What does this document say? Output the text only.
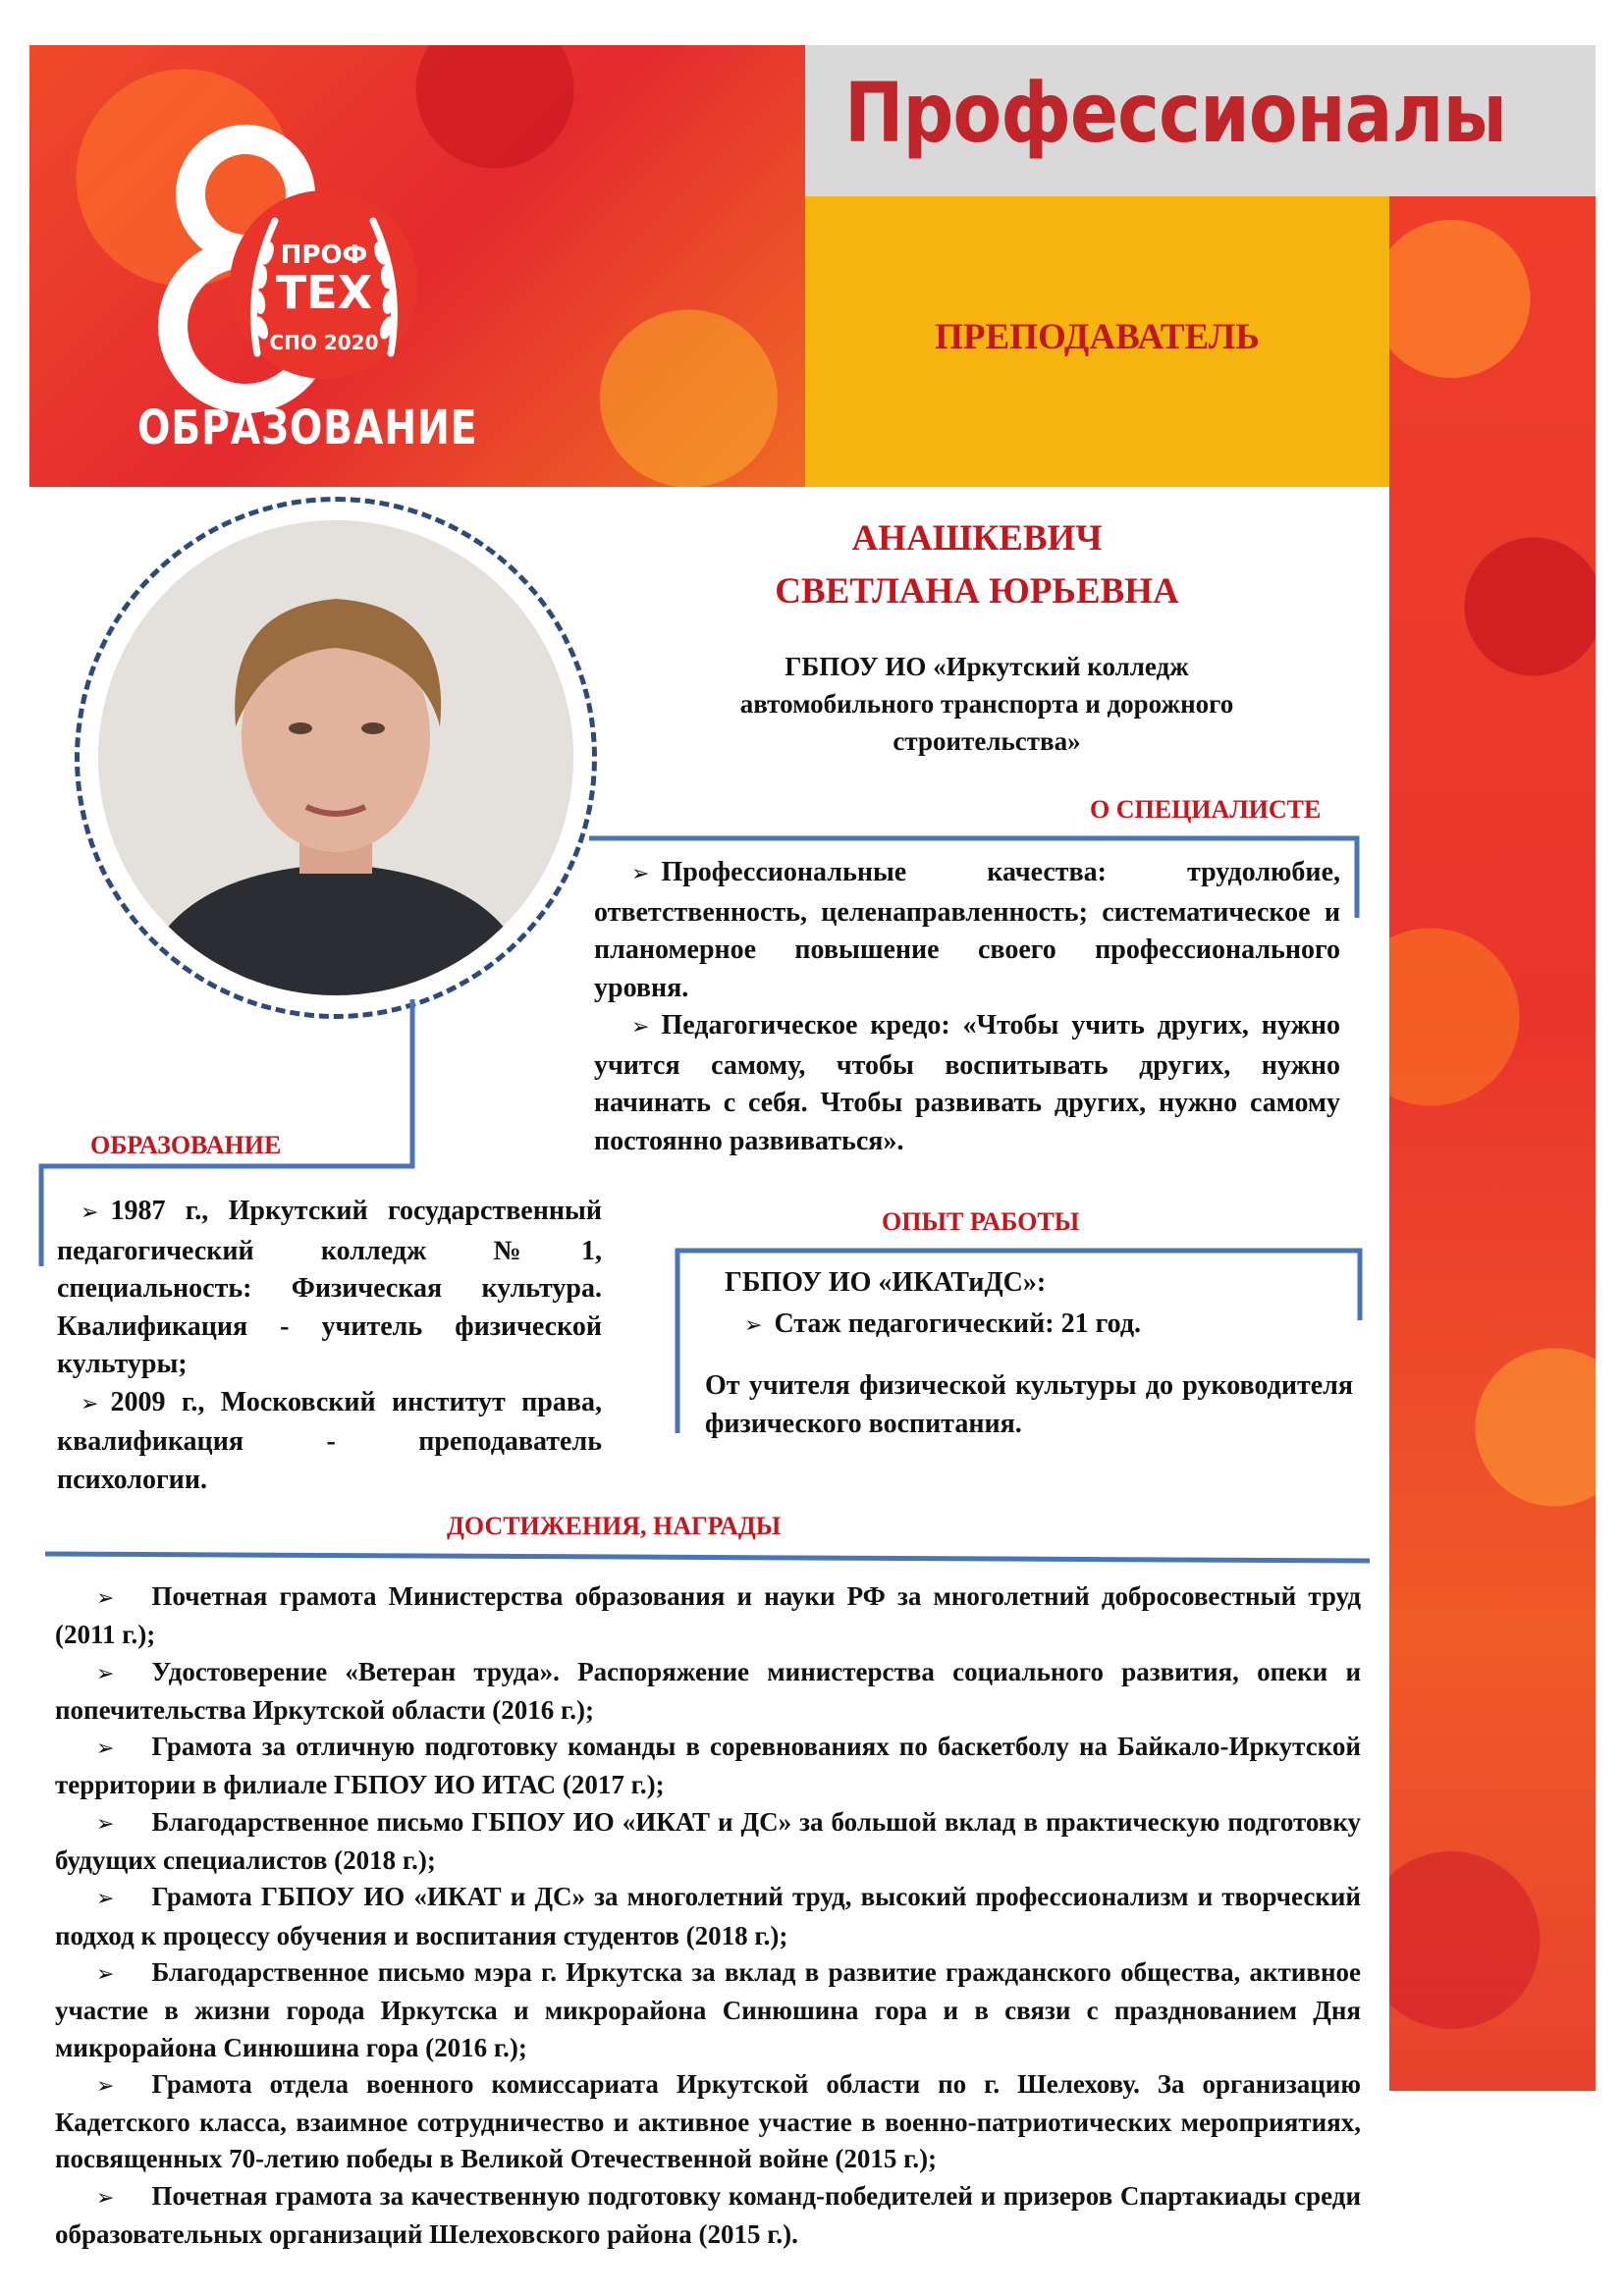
Профессионалы
ПРЕПОДАВАТЕЛЬ
ПРОФ
ТЕХ
СПО 2020
ОБРАЗОВАНИЕ
АНАШКЕВИЧ
СВЕТЛАНА ЮРЬЕВНА
ГБПОУ ИО «Иркутский колледж
автомобильного транспорта и дорожного
строительства»
О СПЕЦИАЛИСТЕ

➢ Профессиональные качества: трудолюбие, ответственность, целенаправленность; систематическое и планомерное повышение своего профессионального уровня.

➢ Педагогическое кредо: «Чтобы учить других, нужно учится самому, чтобы воспитывать других, нужно начинать с себя. Чтобы развивать других, нужно самому постоянно развиваться».

ОБРАЗОВАНИЕ

➢ 1987 г., Иркутский государственный педагогический колледж №1, специальность: Физическая культура. Квалификация - учитель физической культуры;

➢ 2009 г., Московский институт права, квалификация - преподаватель психологии.

ОПЫТ РАБОТЫ
ГБПОУ ИО «ИКАТиДС»:
➢ Стаж педагогический: 21 год.
От учителя физической культуры до руководителя физического воспитания.
ДОСТИЖЕНИЯ, НАГРАДЫ

➢ Почетная грамота Министерства образования и науки РФ за многолетний добросовестный труд (2011 г.);

➢ Удостоверение «Ветеран труда». Распоряжение министерства социального развития, опеки и попечительства Иркутской области (2016 г.);

➢ Грамота за отличную подготовку команды в соревнованиях по баскетболу на Байкало-Иркутской территории в филиале ГБПОУ ИО ИТАС (2017 г.);

➢ Благодарственное письмо ГБПОУ ИО «ИКАТ и ДС» за большой вклад в практическую подготовку будущих специалистов (2018 г.);

➢ Грамота ГБПОУ ИО «ИКАТ и ДС» за многолетний труд, высокий профессионализм и творческий подход к процессу обучения и воспитания студентов (2018 г.);

➢ Благодарственное письмо мэра г. Иркутска за вклад в развитие гражданского общества, активное участие в жизни города Иркутска и микрорайона Синюшина гора и в связи с празднованием Дня микрорайона Синюшина гора (2016 г.);

➢ Грамота отдела военного комиссариата Иркутской области по г. Шелехову. За организацию Кадетского класса, взаимное сотрудничество и активное участие в военно-патриотических мероприятиях, посвященных 70-летию победы в Великой Отечественной войне (2015 г.);

➢ Почетная грамота за качественную подготовку команд-победителей и призеров Спартакиады среди образовательных организаций Шелеховского района (2015 г.).
